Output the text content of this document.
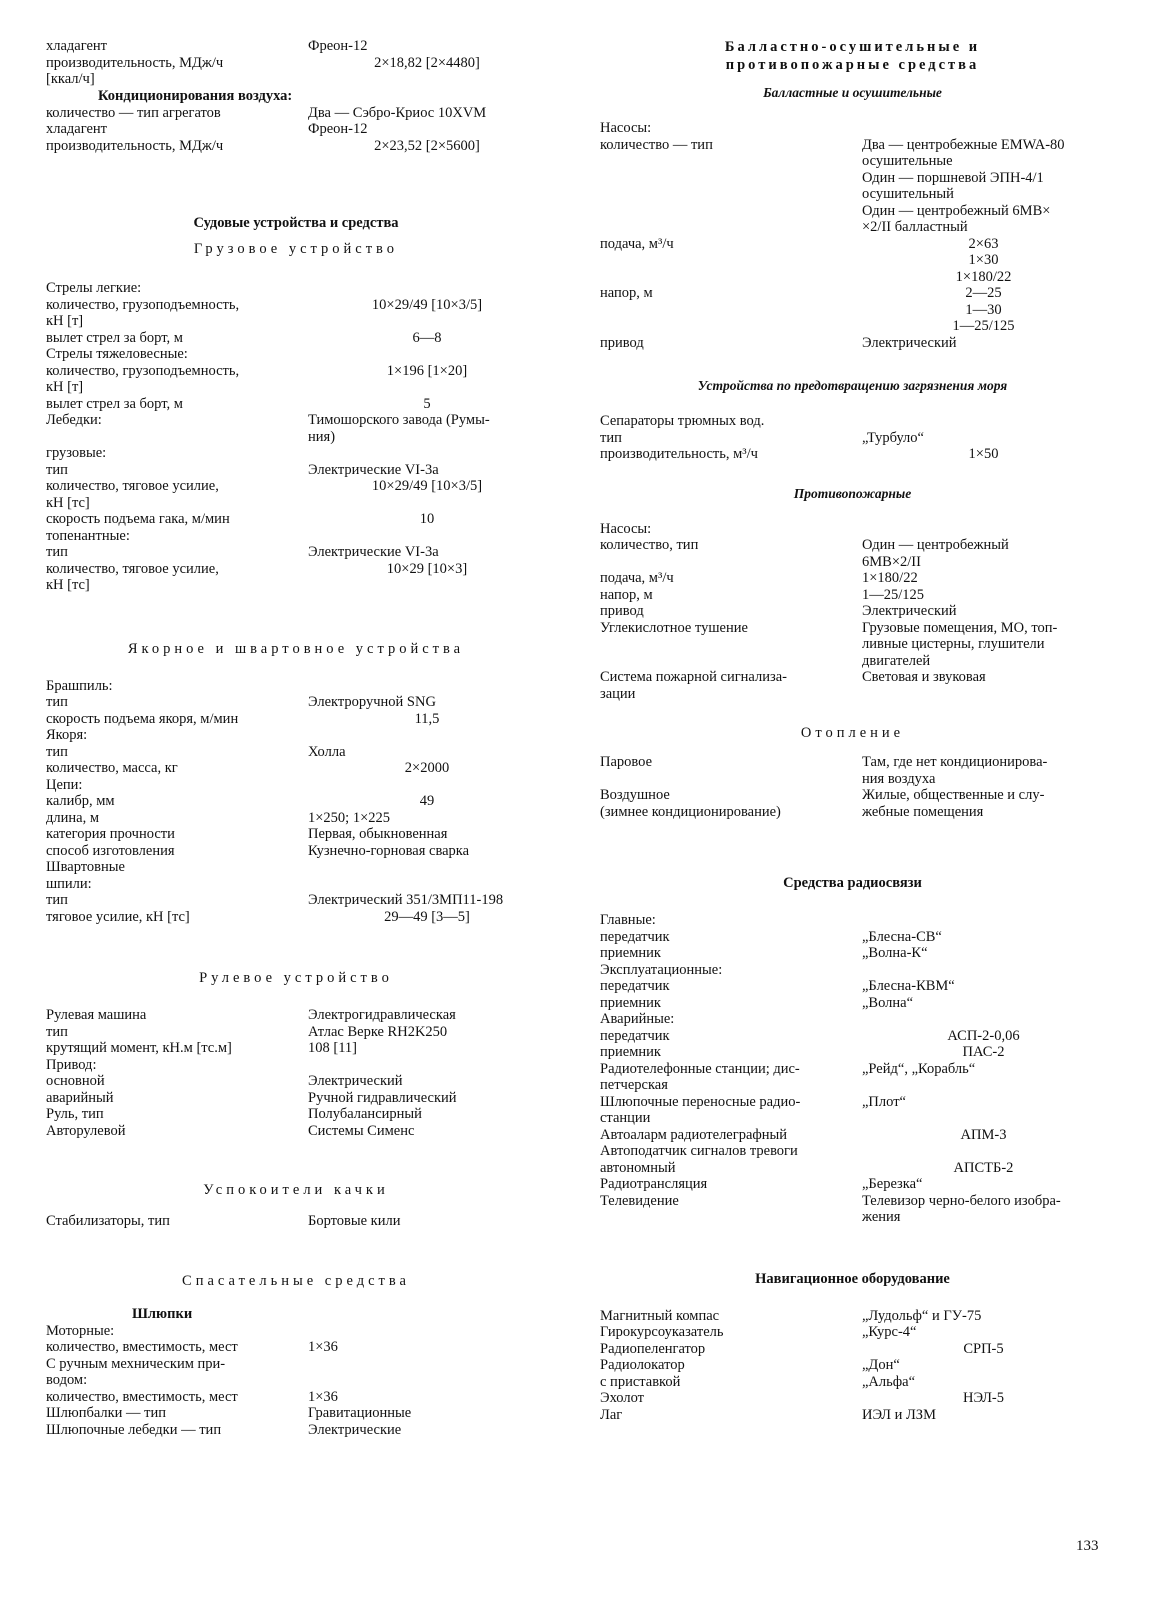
хладагент	Фреон-12
производительность, МДж/ч	2×18,82 [2×4480]
[ккал/ч]
Кондиционирования воздуха:
количество — тип агрегатов	Два — Сэбро-Криос 10XVM
хладагент	Фреон-12
производительность, МДж/ч	2×23,52 [2×5600]
Судовые устройства и средства
Грузовое устройство
Стрелы легкие:
количество, грузоподъемность,	10×29/49 [10×3/5]
кН [т]
вылет стрел за борт, м	6—8
Стрелы тяжеловесные:
количество, грузоподъемность,	1×196 [1×20]
кН [т]
вылет стрел за борт, м	5
Лебедки:	Тимошорского завода (Румы-
ния)
грузовые:
тип	Электрические VI-3а
количество, тяговое усилие,	10×29/49 [10×3/5]
кН [тс]
скорость подъема гака, м/мин	10
топенантные:
тип	Электрические VI-3а
количество, тяговое усилие,	10×29 [10×3]
кН [тс]
Якорное и швартовное устройства
Брашпиль:
тип	Электроручной SNG
скорость подъема якоря, м/мин	11,5
Якоря:
тип	Холла
количество, масса, кг	2×2000
Цепи:
калибр, мм	49
длина, м	1×250; 1×225
категория прочности	Первая, обыкновенная
способ изготовления	Кузнечно-горновая сварка
Швартовные
шпили:
тип	Электрический 351/3МП11-198
тяговое усилие, кН [тс]	29—49 [3—5]
Рулевое устройство
Рулевая машина	Электрогидравлическая
тип	Атлас Верке RH2K250
крутящий момент, кН.м [тс.м]	108 [11]
Привод:
основной	Электрический
аварийный	Ручной гидравлический
Руль, тип	Полубалансирный
Авторулевой	Системы Сименс
Успокоители качки
Стабилизаторы, тип	Бортовые кили
Спасательные средства
Шлюпки
Моторные:
количество, вместимость, мест	1×36
С ручным мехническим при-
водом:
количество, вместимость, мест	1×36
Шлюпбалки — тип	Гравитационные
Шлюпочные лебедки — тип	Электрические
Балластно-осушительные и
противопожарные средства
Балластные и осушительные
Насосы:
количество — тип	Два — центробежные EMWA-80
осушительные
Один — поршневой ЭПН-4/1
осушительный
Один — центробежный 6MB×
×2/II балластный
подача, м³/ч	2×63
1×30
1×180/22
напор, м	2—25
1—30
1—25/125
привод	Электрический
Устройства по предотвращению загрязнения моря
Сепараторы трюмных вод.
тип	„Турбуло“
производительность, м³/ч	1×50
Противопожарные
Насосы:
количество, тип	Один — центробежный
6MB×2/II
подача, м³/ч	1×180/22
напор, м	1—25/125
привод	Электрический
Углекислотное тушение	Грузовые помещения, МО, топ-
ливные цистерны, глушители
двигателей
Система пожарной сигнализа-	Световая и звуковая
зации
Отопление
Паровое	Там, где нет кондиционирова-
ния воздуха
Воздушное	Жилые, общественные и слу-
(зимнее кондиционирование)	жебные помещения
Средства радиосвязи
Главные:
передатчик	„Блесна-СВ“
приемник	„Волна-К“
Эксплуатационные:
передатчик	„Блесна-КВМ“
приемник	„Волна“
Аварийные:
передатчик	АСП-2-0,06
приемник	ПАС-2
Радиотелефонные станции; дис-	„Рейд“, „Корабль“
петчерская
Шлюпочные переносные радио-	„Плот“
станции
Автоаларм радиотелеграфный	АПМ-3
Автоподатчик сигналов тревоги
автономный	АПСТБ-2
Радиотрансляция	„Березка“
Телевидение	Телевизор черно-белого изобра-
жения
Навигационное оборудование
Магнитный компас	„Лудольф“ и ГУ-75
Гирокурсоуказатель	„Курс-4“
Радиопеленгатор	СРП-5
Радиолокатор	„Дон“
с приставкой	„Альфа“
Эхолот	НЭЛ-5
Лаг	ИЭЛ и ЛЗМ
133
